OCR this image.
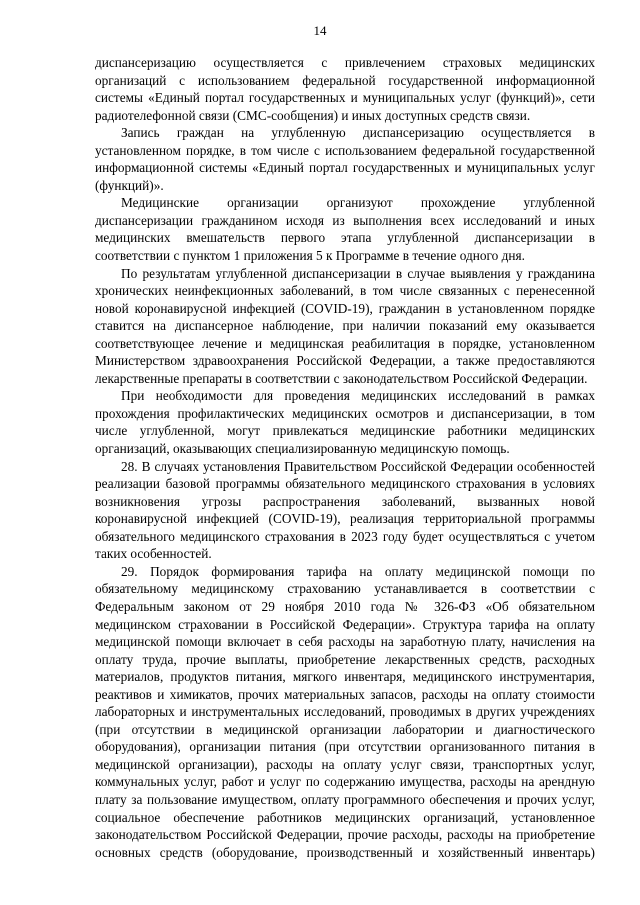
14

диспансеризацию осуществляется с привлечением страховых медицинских организаций с использованием федеральной государственной информационной системы «Единый портал государственных и муниципальных услуг (функций)», сети радиотелефонной связи (СМС-сообщения) и иных доступных средств связи.

Запись граждан на углубленную диспансеризацию осуществляется в установленном порядке, в том числе с использованием федеральной государственной информационной системы «Единый портал государственных и муниципальных услуг (функций)».

Медицинские организации организуют прохождение углубленной диспансеризации гражданином исходя из выполнения всех исследований и иных медицинских вмешательств первого этапа углубленной диспансеризации в соответствии с пунктом 1 приложения 5 к Программе в течение одного дня.

По результатам углубленной диспансеризации в случае выявления у гражданина хронических неинфекционных заболеваний, в том числе связанных с перенесенной новой коронавирусной инфекцией (COVID-19), гражданин в установленном порядке ставится на диспансерное наблюдение, при наличии показаний ему оказывается соответствующее лечение и медицинская реабилитация в порядке, установленном Министерством здравоохранения Российской Федерации, а также предоставляются лекарственные препараты в соответствии с законодательством Российской Федерации.

При необходимости для проведения медицинских исследований в рамках прохождения профилактических медицинских осмотров и диспансеризации, в том числе углубленной, могут привлекаться медицинские работники медицинских организаций, оказывающих специализированную медицинскую помощь.

28. В случаях установления Правительством Российской Федерации особенностей реализации базовой программы обязательного медицинского страхования в условиях возникновения угрозы распространения заболеваний, вызванных новой коронавирусной инфекцией (COVID-19), реализация территориальной программы обязательного медицинского страхования в 2023 году будет осуществляться с учетом таких особенностей.

29. Порядок формирования тарифа на оплату медицинской помощи по обязательному медицинскому страхованию устанавливается в соответствии с Федеральным законом от 29 ноября 2010 года № 326-ФЗ «Об обязательном медицинском страховании в Российской Федерации». Структура тарифа на оплату медицинской помощи включает в себя расходы на заработную плату, начисления на оплату труда, прочие выплаты, приобретение лекарственных средств, расходных материалов, продуктов питания, мягкого инвентаря, медицинского инструментария, реактивов и химикатов, прочих материальных запасов, расходы на оплату стоимости лабораторных и инструментальных исследований, проводимых в других учреждениях (при отсутствии в медицинской организации лаборатории и диагностического оборудования), организации питания (при отсутствии организованного питания в медицинской организации), расходы на оплату услуг связи, транспортных услуг, коммунальных услуг, работ и услуг по содержанию имущества, расходы на арендную плату за пользование имуществом, оплату программного обеспечения и прочих услуг, социальное обеспечение работников медицинских организаций, установленное законодательством Российской Федерации, прочие расходы, расходы на приобретение основных средств (оборудование, производственный и хозяйственный инвентарь)
